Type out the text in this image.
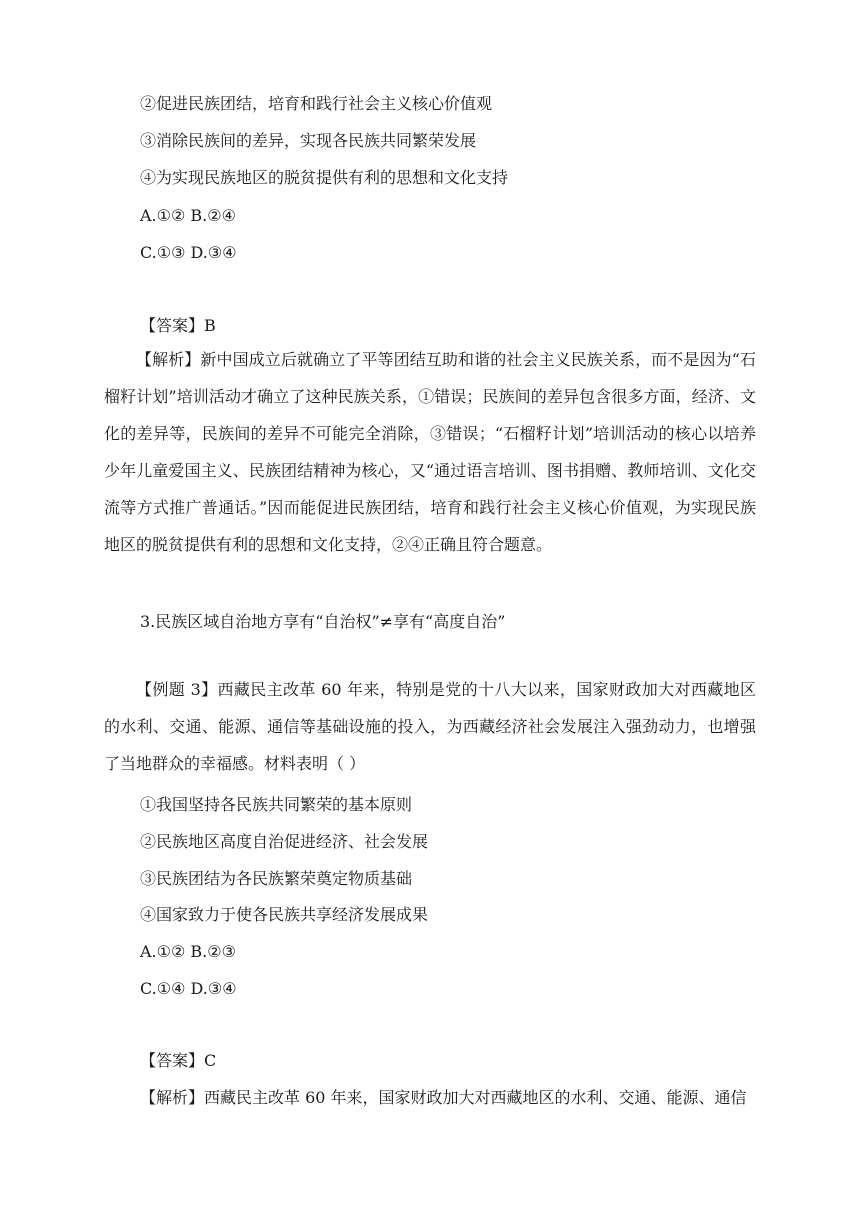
②促进民族团结，培育和践行社会主义核心价值观
③消除民族间的差异，实现各民族共同繁荣发展
④为实现民族地区的脱贫提供有利的思想和文化支持
A.①② B.②④
C.①③ D.③④
【答案】B
【解析】新中国成立后就确立了平等团结互助和谐的社会主义民族关系，而不是因为“石榴籽计划”培训活动才确立了这种民族关系，①错误；民族间的差异包含很多方面，经济、文化的差异等，民族间的差异不可能完全消除，③错误；“石榴籽计划”培训活动的核心以培养少年儿童爱国主义、民族团结精神为核心，又“通过语言培训、图书捐赠、教师培训、文化交流等方式推广普通话。”因而能促进民族团结，培育和践行社会主义核心价值观，为实现民族地区的脱贫提供有利的思想和文化支持，②④正确且符合题意。
3.民族区域自治地方享有“自治权”≠享有“高度自治”
【例题 3】西藏民主改革 60 年来，特别是党的十八大以来，国家财政加大对西藏地区的水利、交通、能源、通信等基础设施的投入，为西藏经济社会发展注入强劲动力，也增强了当地群众的幸福感。材料表明（ ）
①我国坚持各民族共同繁荣的基本原则
②民族地区高度自治促进经济、社会发展
③民族团结为各民族繁荣奠定物质基础
④国家致力于使各民族共享经济发展成果
A.①② B.②③
C.①④ D.③④
【答案】C
【解析】西藏民主改革 60 年来，国家财政加大对西藏地区的水利、交通、能源、通信
